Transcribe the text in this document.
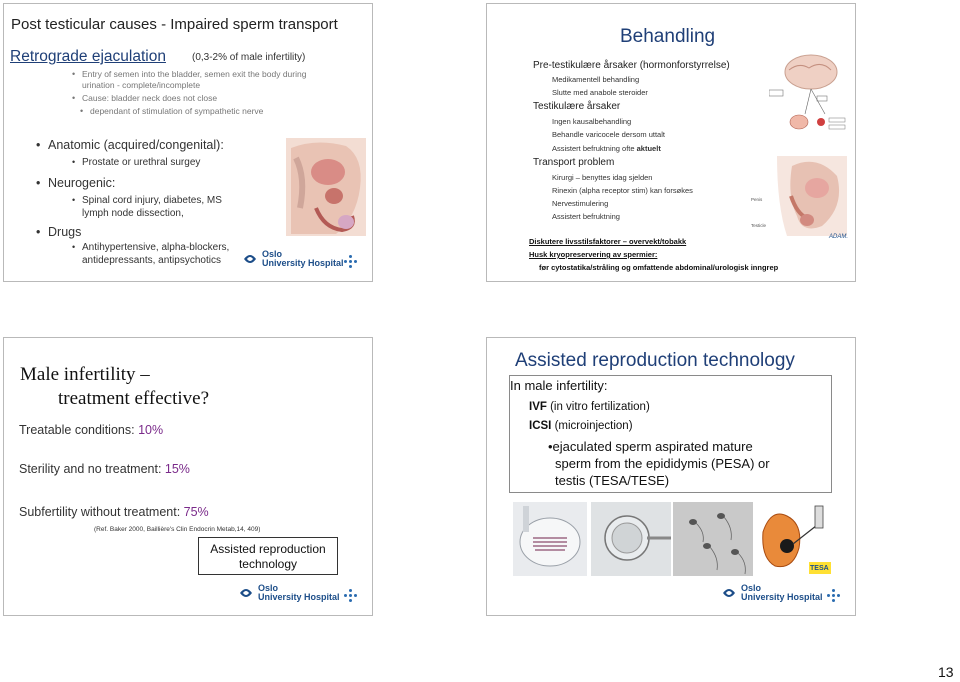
Post testicular causes - Impaired sperm transport
Retrograde ejaculation	(0,3-2% of male infertility)
• Entry of semen into the bladder, semen exit the body during
urination - complete/incomplete
• Cause: bladder neck does not close
• dependant of stimulation of sympathetic nerve
• Anatomic (acquired/congenital):
• Prostate or urethral surgey
• Neurogenic:
• Spinal cord injury, diabetes, MS
lymph node dissection,
• Drugs
• Antihypertensive, alpha-blockers,
antidepressants, antipsychotics
Oslo
University Hospital
Behandling
Pre-testikulære årsaker (hormonforstyrrelse)
Medikamentell behandling
Slutte med anabole steroider
Testikulære årsaker
Ingen kausalbehandling
Behandle varicocele dersom uttalt
Assistert befruktning ofte aktuelt
Transport problem
Kirurgi – benyttes idag sjelden
Rinexin (alpha receptor stim) kan forsøkes
Nervestimulering
Assistert befruktning
Diskutere livsstilsfaktorer – overvekt/tobakk
Husk kryopreservering av spermier:
før cytostatika/stråling og omfattende abdominal/urologisk inngrep
Penis
Testicle
ADAM.
Male infertility –
treatment effective?
Treatable conditions: 10%
Sterility and no treatment: 15%
Subfertility without treatment: 75%
(Ref. Baker 2000, Baillière's Clin Endocrin Metab,14, 409)
Assisted reproduction
technology
Oslo
University Hospital
Assisted reproduction technology
In male infertility:
IVF (in vitro fertilization)
ICSI (microinjection)
•ejaculated sperm aspirated mature
sperm from the epididymis (PESA) or
testis (TESA/TESE)
TESA
Oslo
University Hospital
13
